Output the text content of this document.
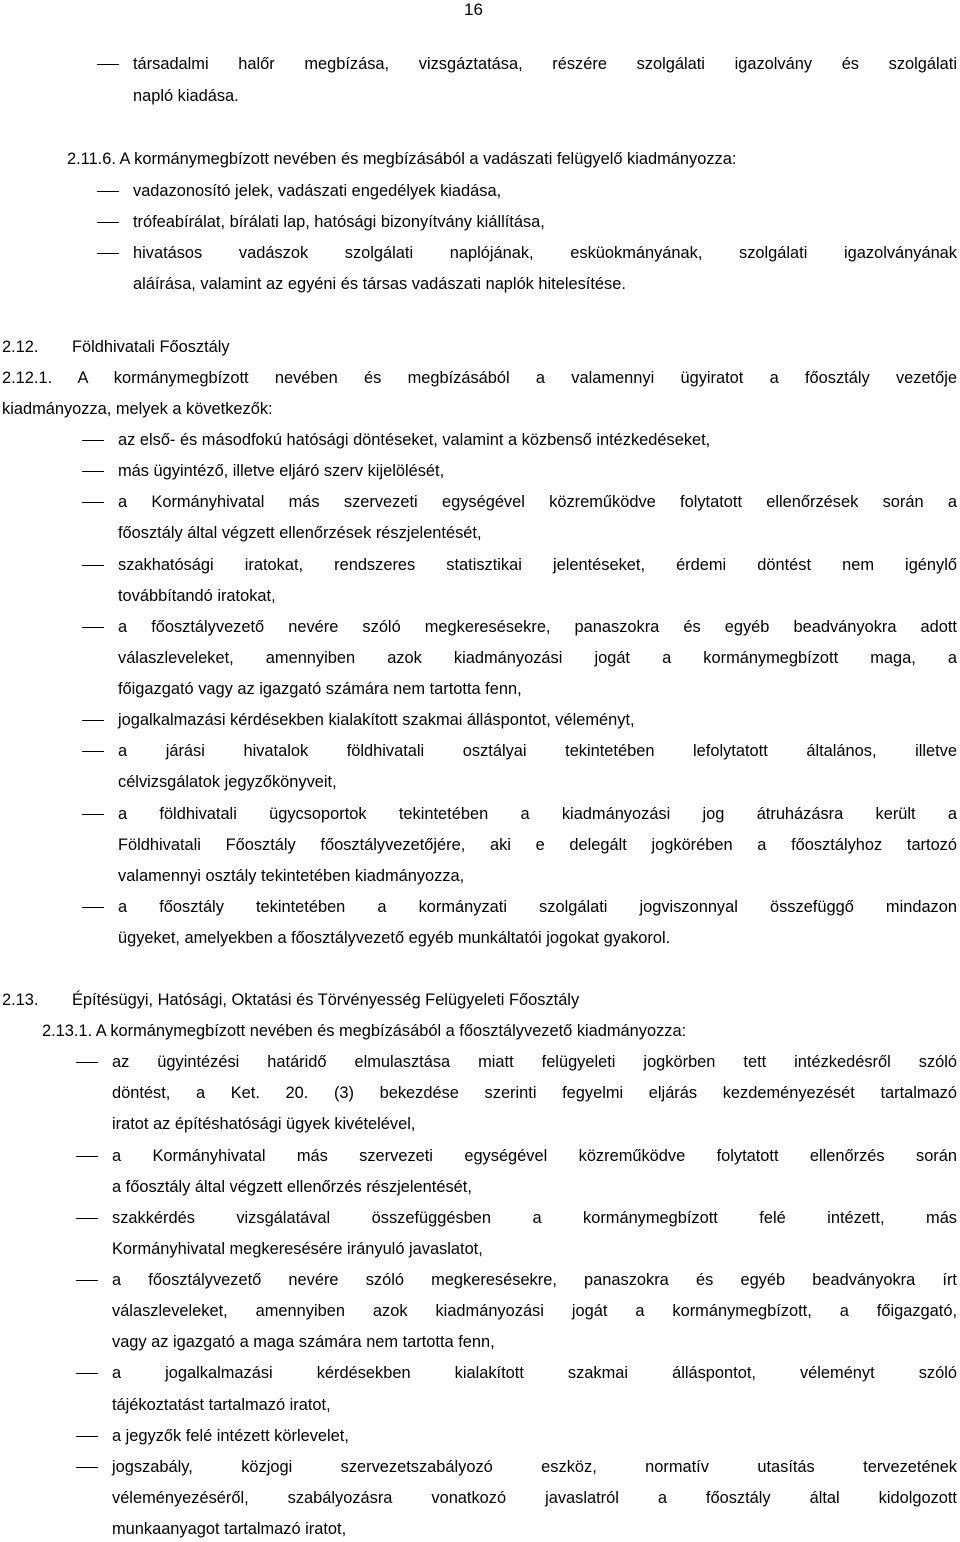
16
társadalmi halőr megbízása, vizsgáztatása, részére szolgálati igazolvány és szolgálati
napló kiadása.
2.11.6. A kormánymegbízott nevében és megbízásából a vadászati felügyelő kiadmányozza:
vadazonosító jelek, vadászati engedélyek kiadása,
trófeabírálat, bírálati lap, hatósági bizonyítvány kiállítása,
hivatásos vadászok szolgálati naplójának, esküokmányának, szolgálati igazolványának
aláírása, valamint az egyéni és társas vadászati naplók hitelesítése.
2.12. Földhivatali Főosztály
2.12.1. A kormánymegbízott nevében és megbízásából a valamennyi ügyiratot a főosztály vezetője
kiadmányozza, melyek a következők:
az első- és másodfokú hatósági döntéseket, valamint a közbenső intézkedéseket,
más ügyintéző, illetve eljáró szerv kijelölését,
a Kormányhivatal más szervezeti egységével közreműködve folytatott ellenőrzések során a
főosztály által végzett ellenőrzések részjelentését,
szakhatósági iratokat, rendszeres statisztikai jelentéseket, érdemi döntést nem igénylő
továbbítandó iratokat,
a főosztályvezető nevére szóló megkeresésekre, panaszokra és egyéb beadványokra adott
válaszleveleket, amennyiben azok kiadmányozási jogát a kormánymegbízott maga, a
főigazgató vagy az igazgató számára nem tartotta fenn,
jogalkalmazási kérdésekben kialakított szakmai álláspontot, véleményt,
a járási hivatalok földhivatali osztályai tekintetében lefolytatott általános, illetve
célvizsgálatok jegyzőkönyveit,
a földhivatali ügycsoportok tekintetében a kiadmányozási jog átruházásra került a
Földhivatali Főosztály főosztályvezetőjére, aki e delegált jogkörében a főosztályhoz tartozó
valamennyi osztály tekintetében kiadmányozza,
a főosztály tekintetében a kormányzati szolgálati jogviszonnyal összefüggő mindazon
ügyeket, amelyekben a főosztályvezető egyéb munkáltatói jogokat gyakorol.
2.13. Építésügyi, Hatósági, Oktatási és Törvényesség Felügyeleti Főosztály
2.13.1. A kormánymegbízott nevében és megbízásából a főosztályvezető kiadmányozza:
az ügyintézési határidő elmulasztása miatt felügyeleti jogkörben tett intézkedésről szóló
döntést, a Ket. 20. (3) bekezdése szerinti fegyelmi eljárás kezdeményezését tartalmazó
iratot az építéshatósági ügyek kivételével,
a Kormányhivatal más szervezeti egységével közreműködve folytatott ellenőrzés során
a főosztály által végzett ellenőrzés részjelentését,
szakkérdés vizsgálatával összefüggésben a kormánymegbízott felé intézett, más
Kormányhivatal megkeresésére irányuló javaslatot,
a főosztályvezető nevére szóló megkeresésekre, panaszokra és egyéb beadványokra írt
válaszleveleket, amennyiben azok kiadmányozási jogát a kormánymegbízott, a főigazgató,
vagy az igazgató a maga számára nem tartotta fenn,
a jogalkalmazási kérdésekben kialakított szakmai álláspontot, véleményt szóló
tájékoztatást tartalmazó iratot,
a jegyzők felé intézett körlevelet,
jogszabály, közjogi szervezetszabályozó eszköz, normatív utasítás tervezetének
véleményezéséről, szabályozásra vonatkozó javaslatról a főosztály által kidolgozott
munkaanyagot tartalmazó iratot,
